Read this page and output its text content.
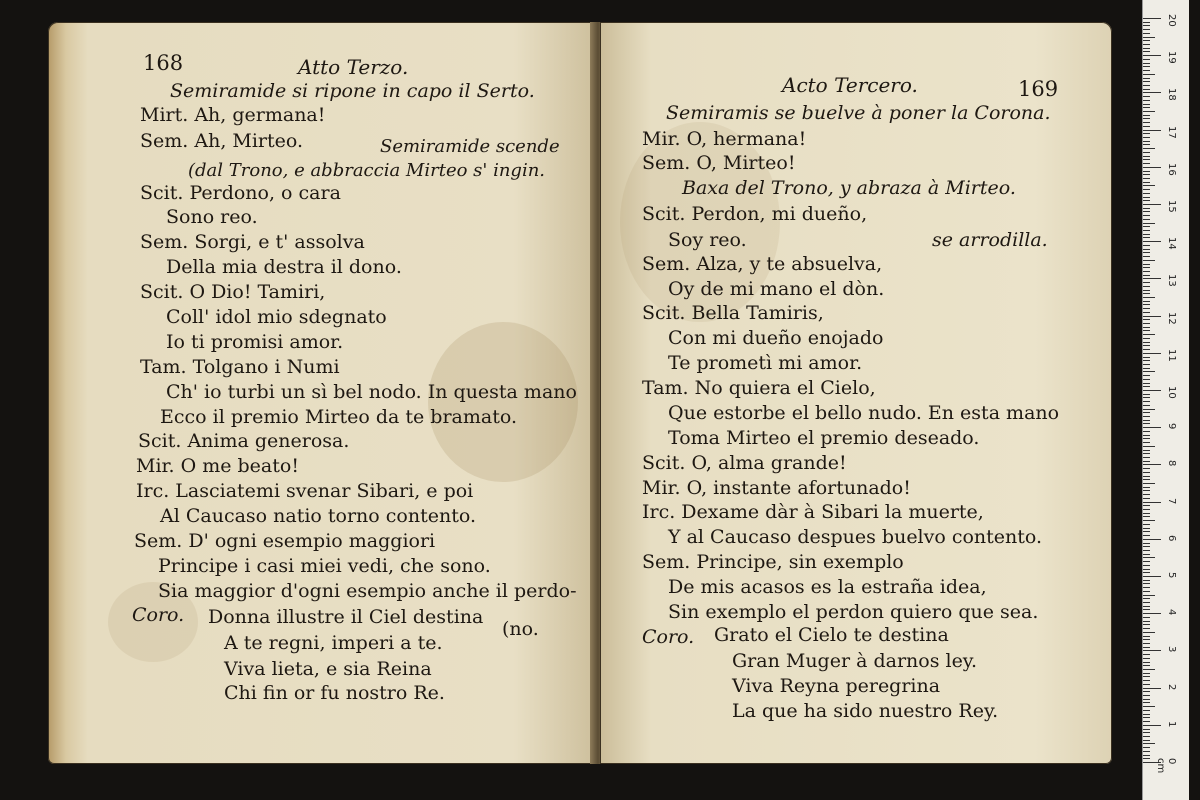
168	Atto Terzo.
Semiramide si ripone in capo il Serto.
Mirt. Ah, germana!
Sem. Ah, Mirteo.	Semiramide scende
(dal Trono, e abbraccia Mirteo s' ingin.
Scit. Perdono, o cara
Sono reo.
Sem. Sorgi, e t' assolva
Della mia destra il dono.
Scit. O Dio! Tamiri,
Coll' idol mio sdegnato
Io ti promisi amor.
Tam. Tolgano i Numi
Ch' io turbi un sì bel nodo. In questa mano
Ecco il premio Mirteo da te bramato.
Scit. Anima generosa.
Mir. O me beato!
Irc. Lasciatemi svenar Sibari, e poi
Al Caucaso natio torno contento.
Sem. D' ogni esempio maggiori
Principe i casi miei vedi, che sono.
Sia maggior d'ogni esempio anche il perdo-
Coro. Donna illustre il Ciel destina
(no.
A te regni, imperi a te.
Viva lieta, e sia Reina
Chi fin or fu nostro Re.
Acto Tercero.	169
Semiramis se buelve à poner la Corona.
Mir. O, hermana!
Sem. O, Mirteo!
Baxa del Trono, y abraza à Mirteo.
Scit. Perdon, mi dueño,
Soy reo.	se arrodilla.
Sem. Alza, y te absuelva,
Oy de mi mano el dòn.
Scit. Bella Tamiris,
Con mi dueño enojado
Te prometì mi amor.
Tam. No quiera el Cielo,
Que estorbe el bello nudo. En esta mano
Toma Mirteo el premio deseado.
Scit. O, alma grande!
Mir. O, instante afortunado!
Irc. Dexame dàr à Sibari la muerte,
Y al Caucaso despues buelvo contento.
Sem. Principe, sin exemplo
De mis acasos es la estraña idea,
Sin exemplo el perdon quiero que sea.
Coro. Grato el Cielo te destina
Gran Muger à darnos ley.
Viva Reyna peregrina
La que ha sido nuestro Rey.
20
19
18
17
16
15
14
13
12
11
10
9
8
7
6
5
4
3
2
1
0 cm
